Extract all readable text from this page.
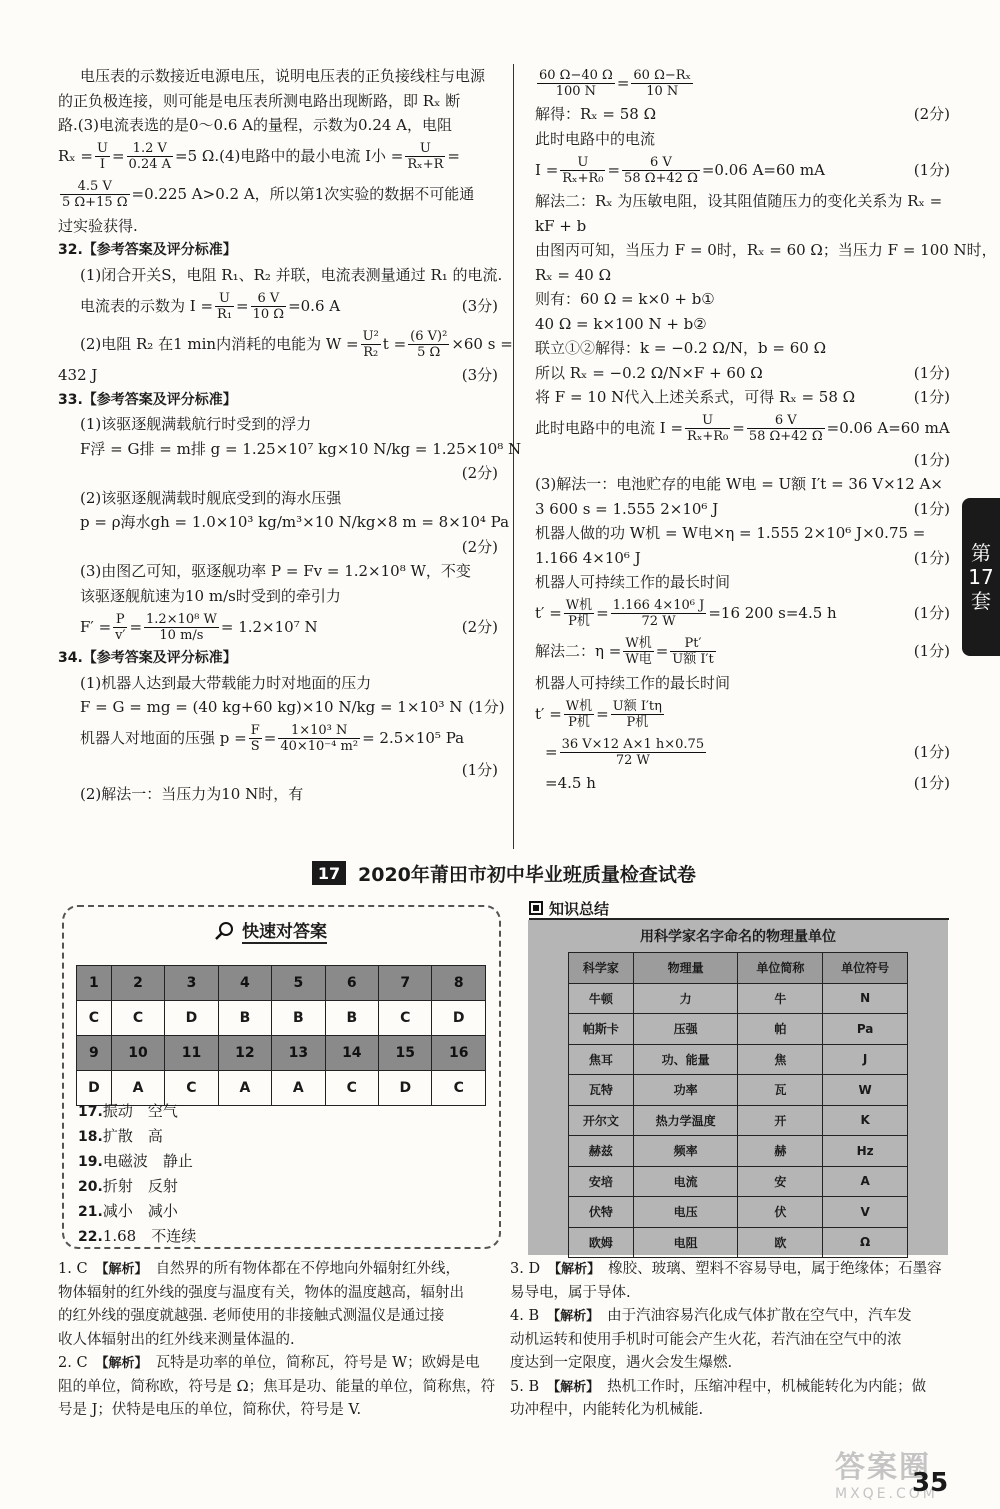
电压表的示数接近电源电压，说明电压表的正负接线柱与电源
的正负极连接，则可能是电压表所测电路出现断路，即 Rₓ 断
路.(3)电流表选的是0～0.6 A的量程，示数为0.24 A，电阻
$R_x = \frac{U}{I} = \frac{1.2 V}{0.24 A} =5$ Ω.(4)电路中的最小电流 I小 = $\frac{U}{\text{Rₓ+R}}$ =
$\frac{4.5 V}{5 \Omega+15 \Omega} =0.225$ A>0.2 A，所以第1次实验的数据不可能通
过实验获得.
32.【参考答案及评分标准】
(1)闭合开关S，电阻 R₁、R₂ 并联，电流表测量通过 R₁ 的电流.
电流表的示数为 $I = \frac{U}{\text{R₁}} = \frac{6 V}{10 \Omega} =0.6$ A	(3分)
(2)电阻 R₂ 在1 min内消耗的电能为 $W = \frac{\text{U²}}{\text{R₂}}$ $t = \frac{\text{(6 V)²}}{5 \Omega} \times 60$ s =
432 J	(3分)
33.【参考答案及评分标准】
(1)该驱逐舰满载航行时受到的浮力
F浮 = G排 = m排 g = 1.25×10⁷ kg×10 N/kg = 1.25×10⁸ N
(2分)
(2)该驱逐舰满载时舰底受到的海水压强
p = ρ海水gh = 1.0×10³ kg/m³×10 N/kg×8 m = 8×10⁴ Pa
(2分)
(3)由图乙可知，驱逐舰功率 P = Fv = 1.2×10⁸ W，不变
该驱逐舰航速为10 m/s时受到的牵引力
$F' = \frac{P}{v'} = \frac{\text{1.2×10⁸ W}}{10 m/s} = 1.2\times 10^7$ N	(2分)
34.【参考答案及评分标准】
(1)机器人达到最大带载能力时对地面的压力
F = G = mg = (40 kg+60 kg)×10 N/kg = 1×10³ N (1分)
机器人对地面的压强 $p = \frac{F}{S} = \frac{\text{1×10³ N}}{\text{40×10⁻⁴ m²}} = 2.5\times 10^5$ Pa
(1分)
(2)解法一：当压力为10 N时，有
$\frac{60 \Omega-40 \Omega}{100 N} = \frac{\text{60 Ω−Rₓ}}{10 N}$
解得：Rₓ = 58 Ω	(2分)
此时电路中的电流
$I = \frac{U}{\text{Rₓ+R₀}} = \frac{6 V}{58 \Omega+42 \Omega} =0.06$ A=60 mA	(1分)
解法二：Rₓ 为压敏电阻，设其阻值随压力的变化关系为 Rₓ =
kF + b
由图丙可知，当压力 F = 0时，Rₓ = 60 Ω；当压力 F = 100 N时，
Rₓ = 40 Ω
则有：60 Ω = k×0 + b①
40 Ω = k×100 N + b②
联立①②解得：k = −0.2 Ω/N，b = 60 Ω
所以 Rₓ = −0.2 Ω/N×F + 60 Ω	(1分)
将 F = 10 N代入上述关系式，可得 Rₓ = 58 Ω	(1分)
此时电路中的电流 $I = \frac{U}{\text{Rₓ+R₀}} = \frac{6 V}{58 \Omega+42 \Omega} =0.06$ A=60 mA
(1分)
(3)解法一：电池贮存的电能 W电 = U额 I′t = 36 V×12 A×
3 600 s = 1.555 2×10⁶ J	(1分)
机器人做的功 W机 = W电×η = 1.555 2×10⁶ J×0.75 =
1.166 4×10⁶ J	(1分)
机器人可持续工作的最长时间
$t' = \frac{\text{W机}}{\text{P机}} = \frac{\text{1.166 4×10⁶ J}}{72 W} =16$ 200 s=4.5 h	(1分)
解法二：$\eta = \frac{\text{W机}}{\text{W电}} = \frac{Pt'}{\text{U额 I′t}}$	(1分)
机器人可持续工作的最长时间
$t' = \frac{\text{W机}}{\text{P机}} = \frac{\text{U额 I′tη}}{\text{P机}}$
= $\frac{36 V\times 12 A\times 1 h\times 0.75}{72 W}$	(1分)
=4.5 h	(1分)
第
17
套
17 2020年莆田市初中毕业班质量检查试卷
快速对答案
1	2	3	4	5	6	7	8
C	C	D	B	B	B	C	D
9	10	11	12	13	14	15	16
D	A	C	A	A	C	D	C
17.振动　空气
18.扩散　高
19.电磁波　静止
20.折射　反射
21.减小　减小
22.1.68　不连续
知识总结
用科学家名字命名的物理量单位
科学家	物理量	单位简称	单位符号
牛顿	力	牛	N
帕斯卡	压强	帕	Pa
焦耳	功、能量	焦	J
瓦特	功率	瓦	W
开尔文	热力学温度	开	K
赫兹	频率	赫	Hz
安培	电流	安	A
伏特	电压	伏	V
欧姆	电阻	欧	Ω
1. C　 【解析】　 自然界的所有物体都在不停地向外辐射红外线，
物体辐射的红外线的强度与温度有关，物体的温度越高，辐射出
的红外线的强度就越强. 老师使用的非接触式测温仪是通过接
收人体辐射出的红外线来测量体温的.
2. C　 【解析】　 瓦特是功率的单位，简称瓦，符号是 W；欧姆是电
阻的单位，简称欧，符号是 Ω；焦耳是功、能量的单位，简称焦，符
号是 J；伏特是电压的单位，简称伏，符号是 V.
3. D　 【解析】　 橡胶、玻璃、塑料不容易导电，属于绝缘体；石墨容
易导电，属于导体.
4. B　 【解析】　 由于汽油容易汽化成气体扩散在空气中，汽车发
动机运转和使用手机时可能会产生火花，若汽油在空气中的浓
度达到一定限度，遇火会发生爆燃.
5. B　 【解析】　 热机工作时，压缩冲程中，机械能转化为内能；做
功冲程中，内能转化为机械能.
答案圈
MXQE.COM
35
